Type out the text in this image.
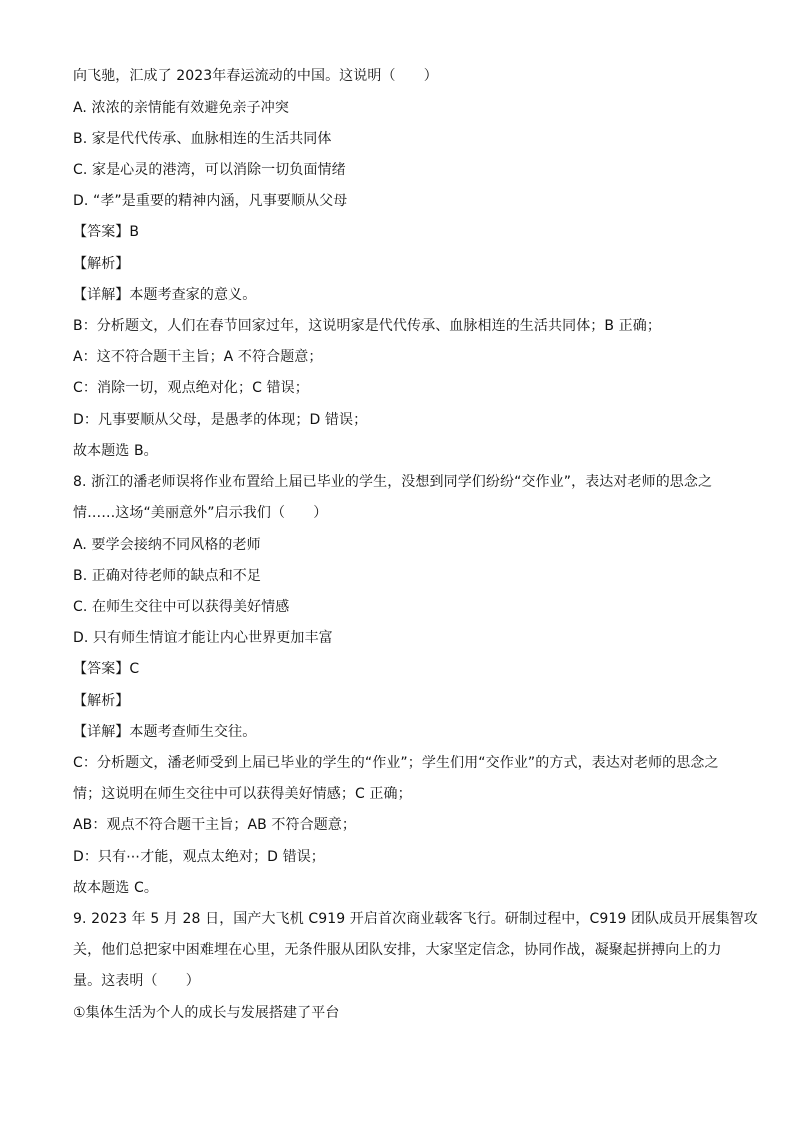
向飞驰，汇成了 2023年春运流动的中国。这说明（　　）
A. 浓浓的亲情能有效避免亲子冲突
B. 家是代代传承、血脉相连的生活共同体
C. 家是心灵的港湾，可以消除一切负面情绪
D. “孝”是重要的精神内涵，凡事要顺从父母
【答案】B
【解析】
【详解】本题考查家的意义。
B：分析题文，人们在春节回家过年，这说明家是代代传承、血脉相连的生活共同体；B 正确；
A：这不符合题干主旨；A 不符合题意；
C：消除一切，观点绝对化；C 错误；
D：凡事要顺从父母，是愚孝的体现；D 错误；
故本题选 B。
8. 浙江的潘老师误将作业布置给上届已毕业的学生，没想到同学们纷纷“交作业”，表达对老师的思念之
情……这场“美丽意外”启示我们（　　）
A. 要学会接纳不同风格的老师
B. 正确对待老师的缺点和不足
C. 在师生交往中可以获得美好情感
D. 只有师生情谊才能让内心世界更加丰富
【答案】C
【解析】
【详解】本题考查师生交往。
C：分析题文，潘老师受到上届已毕业的学生的“作业”；学生们用“交作业”的方式，表达对老师的思念之
情；这说明在师生交往中可以获得美好情感；C 正确；
AB：观点不符合题干主旨；AB 不符合题意；
D：只有⋯才能，观点太绝对；D 错误；
故本题选 C。
9. 2023 年 5 月 28 日，国产大飞机 C919 开启首次商业载客飞行。研制过程中，C919 团队成员开展集智攻
关，他们总把家中困难埋在心里，无条件服从团队安排，大家坚定信念，协同作战，凝聚起拼搏向上的力
量。这表明（　　）
①集体生活为个人的成长与发展搭建了平台
